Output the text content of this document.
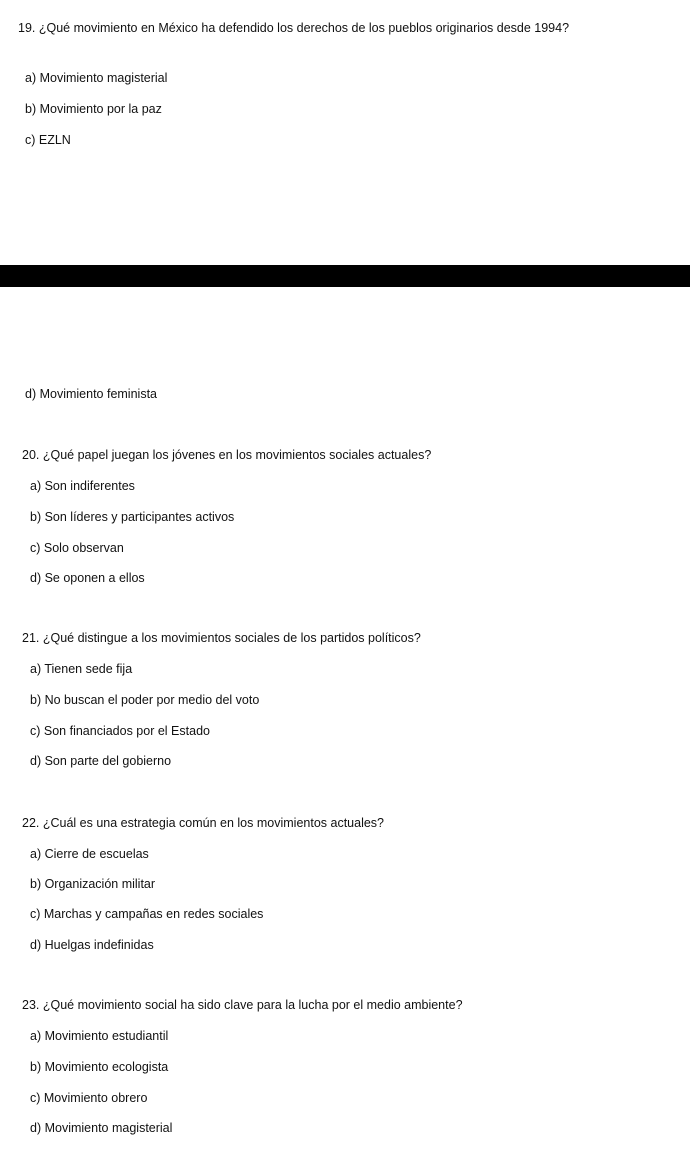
19. ¿Qué movimiento en México ha defendido los derechos de los pueblos originarios desde 1994?
a) Movimiento magisterial
b) Movimiento por la paz
c) EZLN
d) Movimiento feminista
20. ¿Qué papel juegan los jóvenes en los movimientos sociales actuales?
a) Son indiferentes
b) Son líderes y participantes activos
c) Solo observan
d) Se oponen a ellos
21. ¿Qué distingue a los movimientos sociales de los partidos políticos?
a) Tienen sede fija
b) No buscan el poder por medio del voto
c) Son financiados por el Estado
d) Son parte del gobierno
22. ¿Cuál es una estrategia común en los movimientos actuales?
a) Cierre de escuelas
b) Organización militar
c) Marchas y campañas en redes sociales
d) Huelgas indefinidas
23. ¿Qué movimiento social ha sido clave para la lucha por el medio ambiente?
a) Movimiento estudiantil
b) Movimiento ecologista
c) Movimiento obrero
d) Movimiento magisterial
